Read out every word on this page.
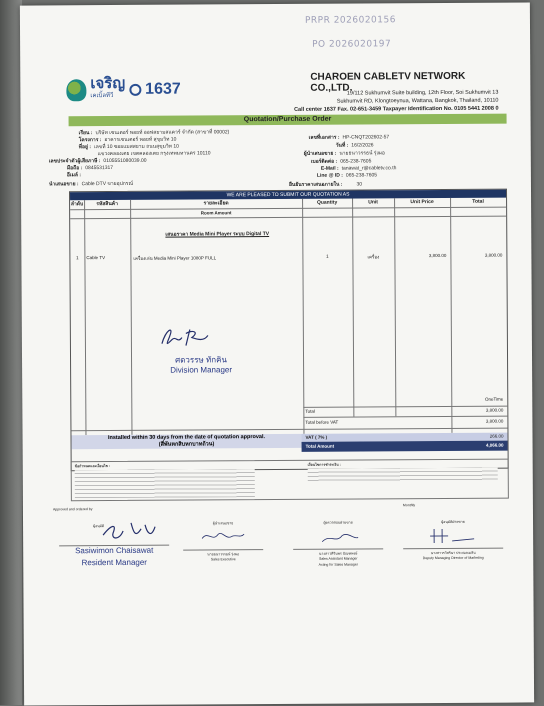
PRPR 2026020156
PO 2026020197
เจริญ
เคเบิ้ลทีวี	1637
CHAROEN CABLETV NETWORK CO.,LTD.
19/112 Sukhumvit Suite building, 12th Floor, Soi Sukhumvit 13
Sukhumvit RD, Klongtoeynua, Wattana, Bangkok, Thailand, 10110
Call center 1637 Fax. 02-651-3459 Taxpayer Identification No. 0105 5441 2008 0
Quotation/Purchase Order
เรียน : บริษัท เซนเตอร์ พอยท์ ออฟสยามสแควร์ จำกัด (สาขาที่ 00002)
โครงการ : อาคารเซนเตอร์ พอยท์ สุขุมวิท 10
ที่อยู่ : เลขที่ 10 ซอยแมสสยาม ถนนสุขุมวิท 10
แขวงคลองเตย เขตคลองเตย กรุงเทพมหานคร 10110
เลขประจำตัวผู้เสียภาษี : 0105551080039.00
มือถือ : 0845531317
อีเมล์ :
นำเสนอขาย : Cable DTV ขายอุปกรณ์
เลขที่เอกสาร : HP-CNQT202602-57
วันที่ : 16/2/2026
ผู้นำเสนอขาย : นายธนาวรรธน์ รุ่งผอ
เบอร์ติดต่อ : 065-238-7605
E-Mail : tanawat_r@cabletv.co.th
Line @ ID : 065-238-7605
ยืนยันราคาเสนอภายใน :	30
WE ARE PLEASED TO SUBMIT OUR QUOTATION AS
ลำดับ	รหัสสินค้า	รายละเอียด	Quantity	Unit	Unit Price	Total
Room Amount
เสนอราคา Media Mini Player ระบบ Digital TV
1	Cable TV	เครื่องเล่น Media Mini Player 1080P FULL	1	เครื่อง	3,800.00	3,800.00
ศดวรรษ ทักคิน
Division Manager
OneTime
Total	3,800.00
Total before VAT	3,800.00
Installed within 30 days from the date of quotation approval.
(สี่พันหกสิบหกบาทถ้วน)
VAT ( 7% )	266.00
Total Amount	4,066.00
ข้อกำหนดและเงื่อนไข :	เงื่อนไขการชำระเงิน :
Approved and ordered by
Monthly
ผู้อนุมัติ
Sasiwimon Chaisawat
Resident Manager
ผู้นำเสนอขาย
นายธนาวรรธน์ รุ่งผอ
Sales Executive
ผู้ตรวจสอบฝ่ายขาย
นางสาวศิรินพร ปัณฑพงษ์
Sales Assistant Manager
Acting for Sales Manager
ผู้อนุมัติฝ่ายขาย
นางสาวรวิสรินา ประณตเมลิน
Deputy Managing Director of Marketing
